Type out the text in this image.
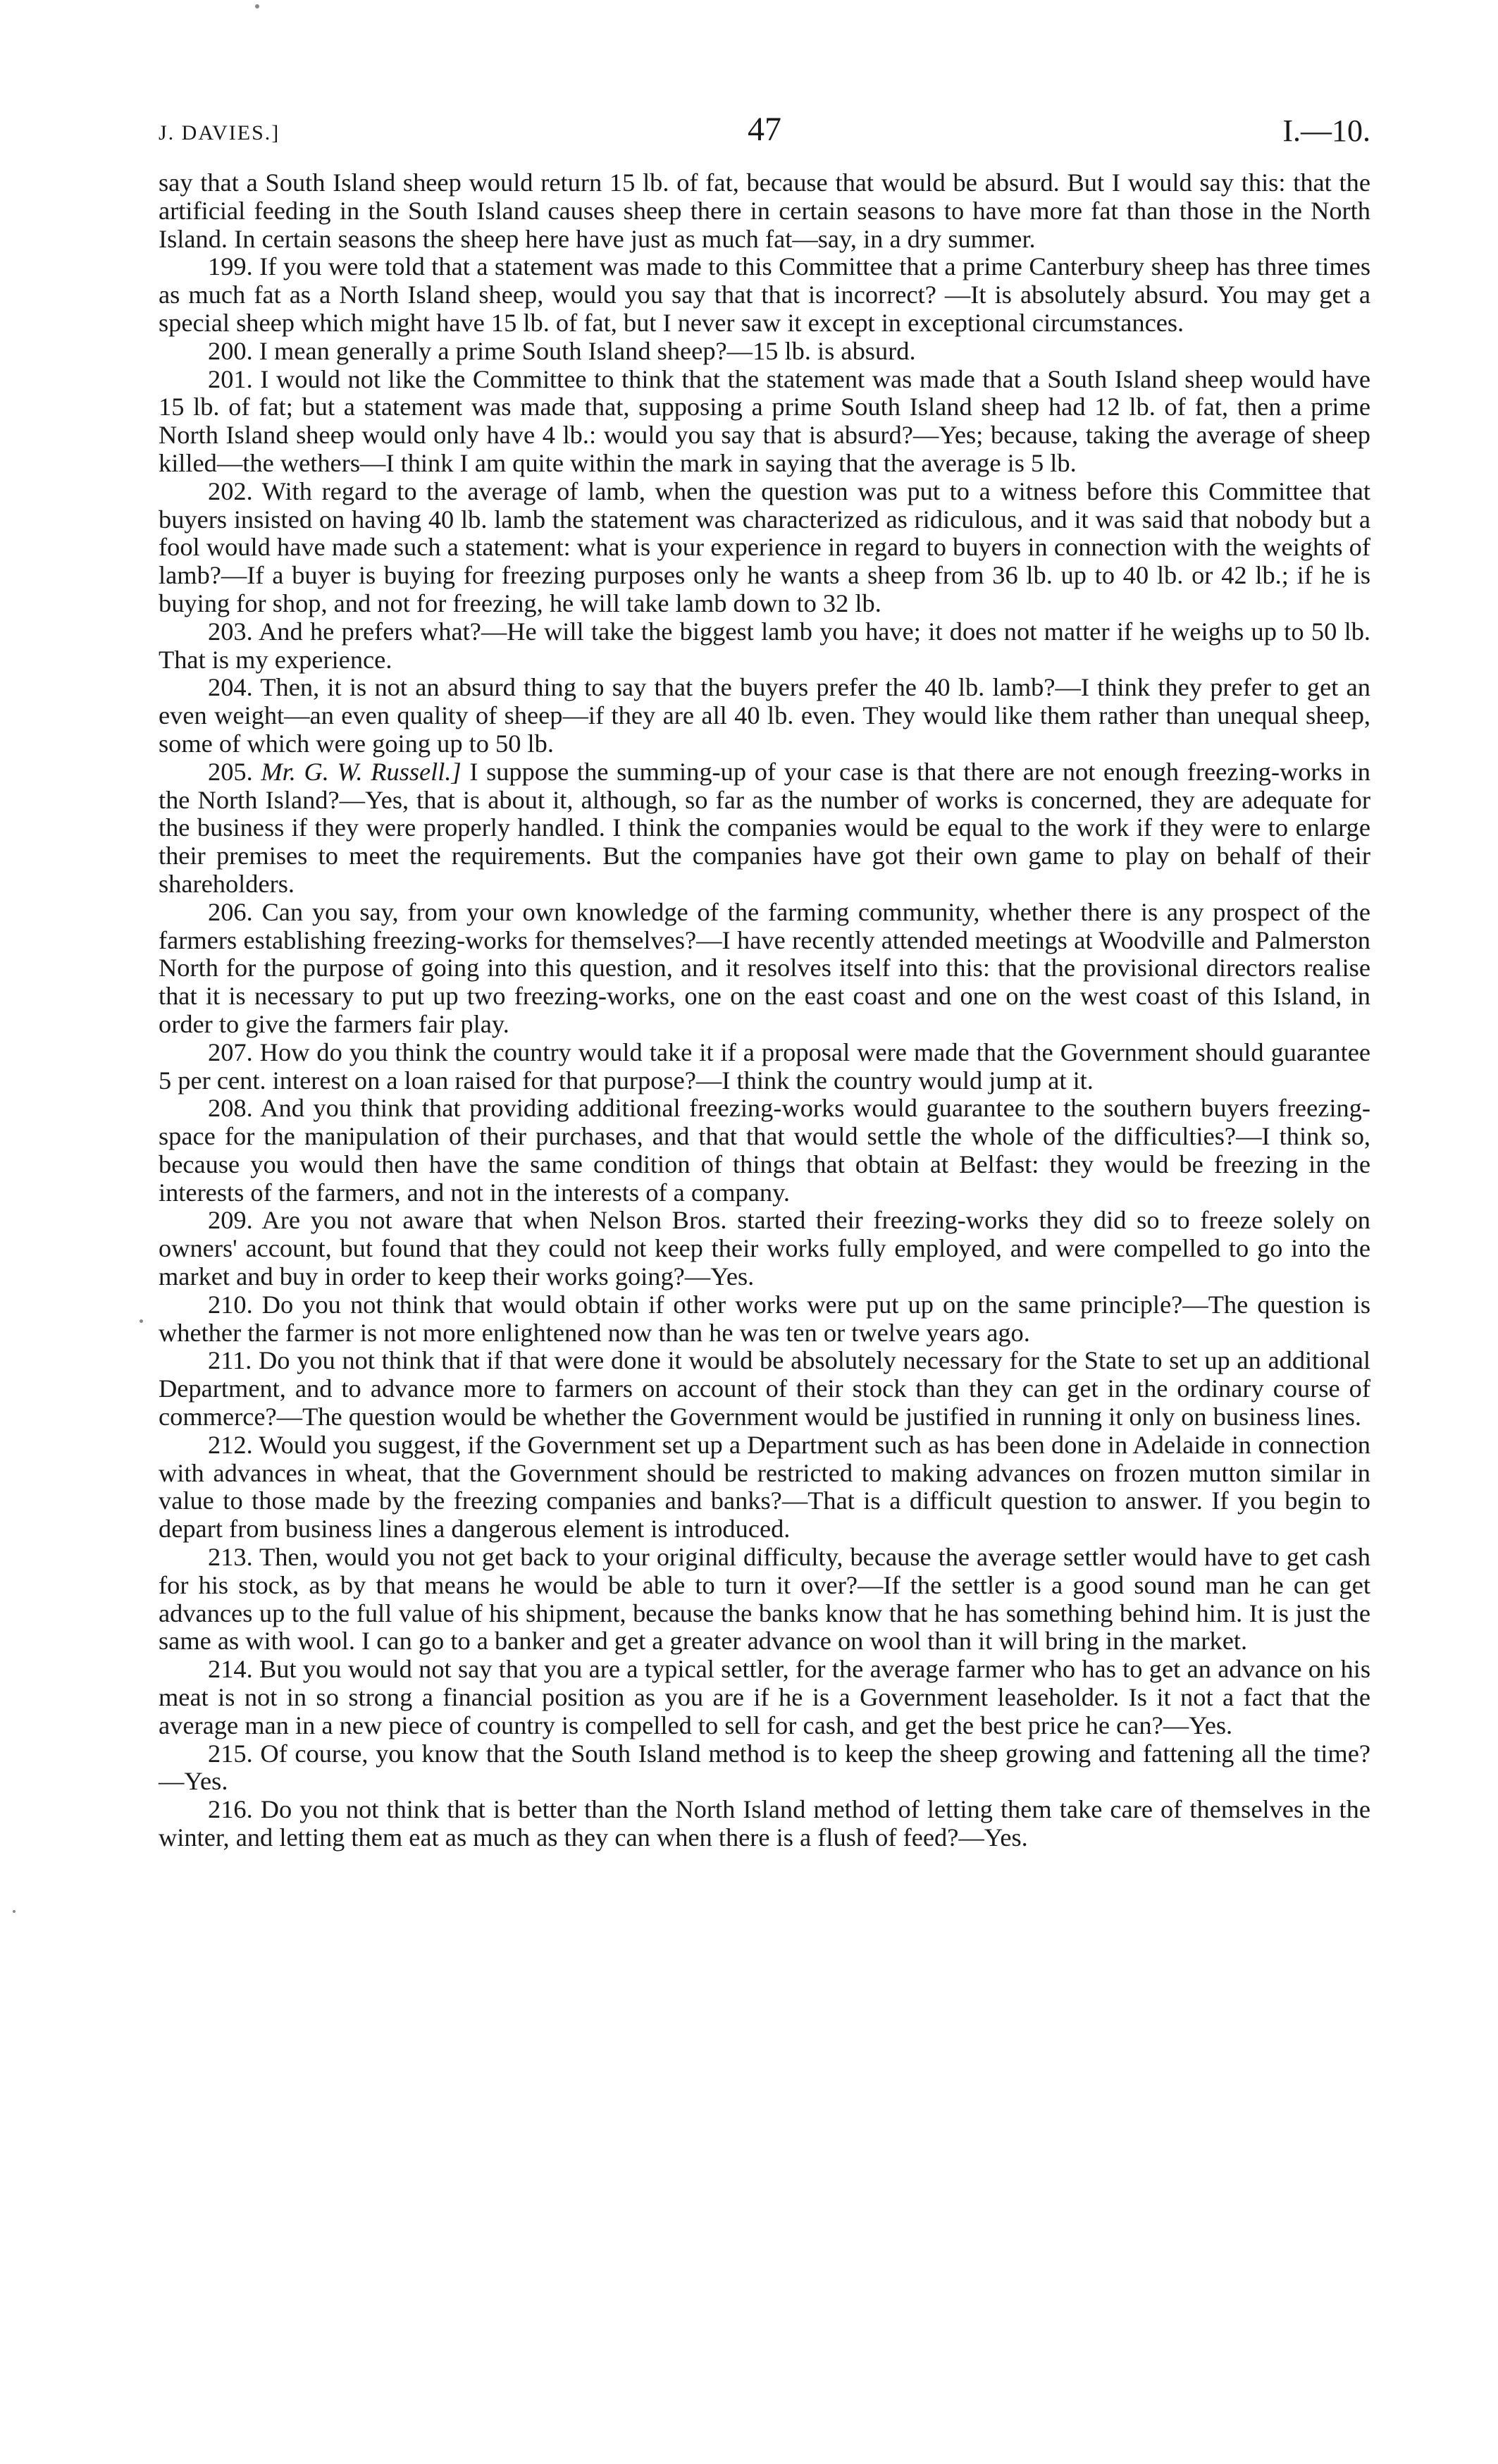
J. DAVIES.]	47	I.—10.

say that a South Island sheep would return 15 lb. of fat, because that would be absurd. But I would say this: that the artificial feeding in the South Island causes sheep there in certain seasons to have more fat than those in the North Island. In certain seasons the sheep here have just as much fat—say, in a dry summer.

199. If you were told that a statement was made to this Committee that a prime Canterbury sheep has three times as much fat as a North Island sheep, would you say that that is incorrect? —It is absolutely absurd. You may get a special sheep which might have 15 lb. of fat, but I never saw it except in exceptional circumstances.

200. I mean generally a prime South Island sheep?—15 lb. is absurd.

201. I would not like the Committee to think that the statement was made that a South Island sheep would have 15 lb. of fat; but a statement was made that, supposing a prime South Island sheep had 12 lb. of fat, then a prime North Island sheep would only have 4 lb.: would you say that is absurd?—Yes; because, taking the average of sheep killed—the wethers—I think I am quite within the mark in saying that the average is 5 lb.

202. With regard to the average of lamb, when the question was put to a witness before this Committee that buyers insisted on having 40 lb. lamb the statement was characterized as ridiculous, and it was said that nobody but a fool would have made such a statement: what is your experience in regard to buyers in connection with the weights of lamb?—If a buyer is buying for freezing purposes only he wants a sheep from 36 lb. up to 40 lb. or 42 lb.; if he is buying for shop, and not for freezing, he will take lamb down to 32 lb.

203. And he prefers what?—He will take the biggest lamb you have; it does not matter if he weighs up to 50 lb. That is my experience.

204. Then, it is not an absurd thing to say that the buyers prefer the 40 lb. lamb?—I think they prefer to get an even weight—an even quality of sheep—if they are all 40 lb. even. They would like them rather than unequal sheep, some of which were going up to 50 lb.

205. Mr. G. W. Russell.] I suppose the summing-up of your case is that there are not enough freezing-works in the North Island?—Yes, that is about it, although, so far as the number of works is concerned, they are adequate for the business if they were properly handled. I think the companies would be equal to the work if they were to enlarge their premises to meet the requirements. But the companies have got their own game to play on behalf of their shareholders.

206. Can you say, from your own knowledge of the farming community, whether there is any prospect of the farmers establishing freezing-works for themselves?—I have recently attended meetings at Woodville and Palmerston North for the purpose of going into this question, and it resolves itself into this: that the provisional directors realise that it is necessary to put up two freezing-works, one on the east coast and one on the west coast of this Island, in order to give the farmers fair play.

207. How do you think the country would take it if a proposal were made that the Government should guarantee 5 per cent. interest on a loan raised for that purpose?—I think the country would jump at it.

208. And you think that providing additional freezing-works would guarantee to the southern buyers freezing-space for the manipulation of their purchases, and that that would settle the whole of the difficulties?—I think so, because you would then have the same condition of things that obtain at Belfast: they would be freezing in the interests of the farmers, and not in the interests of a company.

209. Are you not aware that when Nelson Bros. started their freezing-works they did so to freeze solely on owners' account, but found that they could not keep their works fully employed, and were compelled to go into the market and buy in order to keep their works going?—Yes.

210. Do you not think that would obtain if other works were put up on the same principle?—The question is whether the farmer is not more enlightened now than he was ten or twelve years ago.

211. Do you not think that if that were done it would be absolutely necessary for the State to set up an additional Department, and to advance more to farmers on account of their stock than they can get in the ordinary course of commerce?—The question would be whether the Government would be justified in running it only on business lines.

212. Would you suggest, if the Government set up a Department such as has been done in Adelaide in connection with advances in wheat, that the Government should be restricted to making advances on frozen mutton similar in value to those made by the freezing companies and banks?—That is a difficult question to answer. If you begin to depart from business lines a dangerous element is introduced.

213. Then, would you not get back to your original difficulty, because the average settler would have to get cash for his stock, as by that means he would be able to turn it over?—If the settler is a good sound man he can get advances up to the full value of his shipment, because the banks know that he has something behind him. It is just the same as with wool. I can go to a banker and get a greater advance on wool than it will bring in the market.

214. But you would not say that you are a typical settler, for the average farmer who has to get an advance on his meat is not in so strong a financial position as you are if he is a Government leaseholder. Is it not a fact that the average man in a new piece of country is compelled to sell for cash, and get the best price he can?—Yes.

215. Of course, you know that the South Island method is to keep the sheep growing and fattening all the time?—Yes.

216. Do you not think that is better than the North Island method of letting them take care of themselves in the winter, and letting them eat as much as they can when there is a flush of feed?—Yes.
